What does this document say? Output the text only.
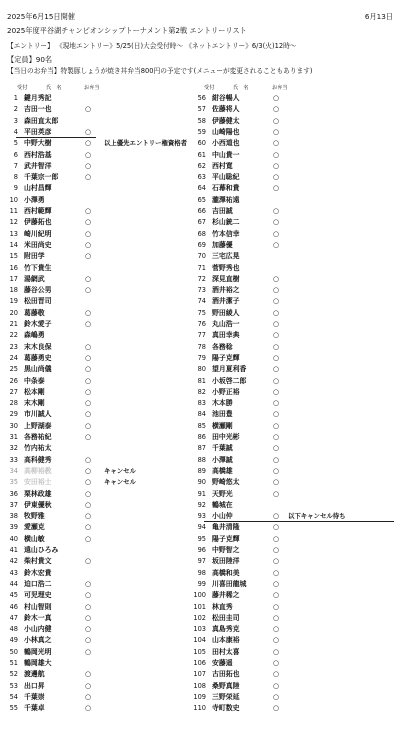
2025年6月15日開催	6月13日
2025年度平谷湖チャンピオンシップトーナメント第2戦 エントリーリスト
【エントリー】 《現地エントリー》5/25(日)大会受付時～ 《ネットエントリー》6/3(火)12時～
【定員】90名
【当日のお弁当】特製豚しょうが焼き丼弁当800円の予定です(メニューが変更されることもあります)
受付	氏　名	お弁当	受付	氏　名	お弁当
1 鍵月秀記
2 吉田一也	○
3 森田直太郎
4 平田英彦	○
5 中野大樹	○ 以上優先エントリー権資格者
6 西村浩基	○
7 武井智洋	○
8 千葉宗一郎	○
9 山村昌輝
10 小澤勇
11 西村範輝	○
12 伊藤拓也	○
13 崎川紀明	○
14 米田尚史	○
15 附田学	○
16 竹下貴生
17 湯網武	○
18 藤谷公男	○
19 松田晋司
20 葛藤敬	○
21 鈴木愛子	○
22 森嶋勇
23 末木良保	○
24 葛藤勇史	○
25 黒山尚儀	○
26 中条泰	○
27 松本剛	○
28 末木剛	○
29 市川誠人	○
30 上野湖泰	○
31 各務祐紀	○
32 竹内祐太
33 高科健秀	○
34 高柳裕教	○ キャンセル
35 安田裕士	○ キャンセル
36 栗林政雄	○
37 伊東優秋	○
38 牧野雅	○
39 愛瀬克	○
40 横山敏	○
41 遠山ひろみ
42 柴村貴文	○
43 鈴木宏貴
44 迫口浩二	○
45 可児理史	○
46 村山智則	○
47 鈴木一真	○
48 小山内健	○
49 小林真之	○
50 鶴岡光明	○
51 鶴岡雄大
52 渡邊航	○
53 出口昇	○
54 千葉崇	○
55 千葉卓	○
56 紺谷暢人	○
57 佐藤将人	○
58 伊藤健太	○
59 山崎陽也	○
60 小西道也	○
61 中山貴一	○
62 西村寛	○
63 平山聡紀	○
64 石幕和貴	○
65 瀧澤祐遠
66 吉田誠	○
67 杉山銃二	○
68 竹本信幸	○
69 加藤優	○
70 三宅広晃
71 菅野秀也
72 深見直樹	○
73 酒井裕之	○
74 酒井潔子	○
75 野田綾人	○
76 丸山浩一	○
77 真田幸典	○
78 各務稔	○
79 陽子克輝	○
80 望月夏利香	○
81 小坂啓二郎	○
82 小野正裕	○
83 木本勝	○
84 池田豊	○
85 横瀬剛	○
86 田中光彬	○
87 千葉誠	○
88 小澤誠	○
89 高橋雄	○
90 野崎悠太	○
91 天野光	○
92 鶴城在
93 小山仲	○ 以下キャンセル待ち
94 亀井清隆	○
95 陽子克輝	○
96 中野智之	○
97 坂田陸洋	○
98 高橋和美	○
99 川喜田龍城	○
100 藤井稀之	○
101 林直秀	○
102 松田圭司	○
103 真島秀克	○
104 山本康裕	○
105 田村太喜	○
106 安藤遥	○
107 古田拓也	○
108 桑野真陸	○
109 三野栄延	○
110 寺町数史	○
